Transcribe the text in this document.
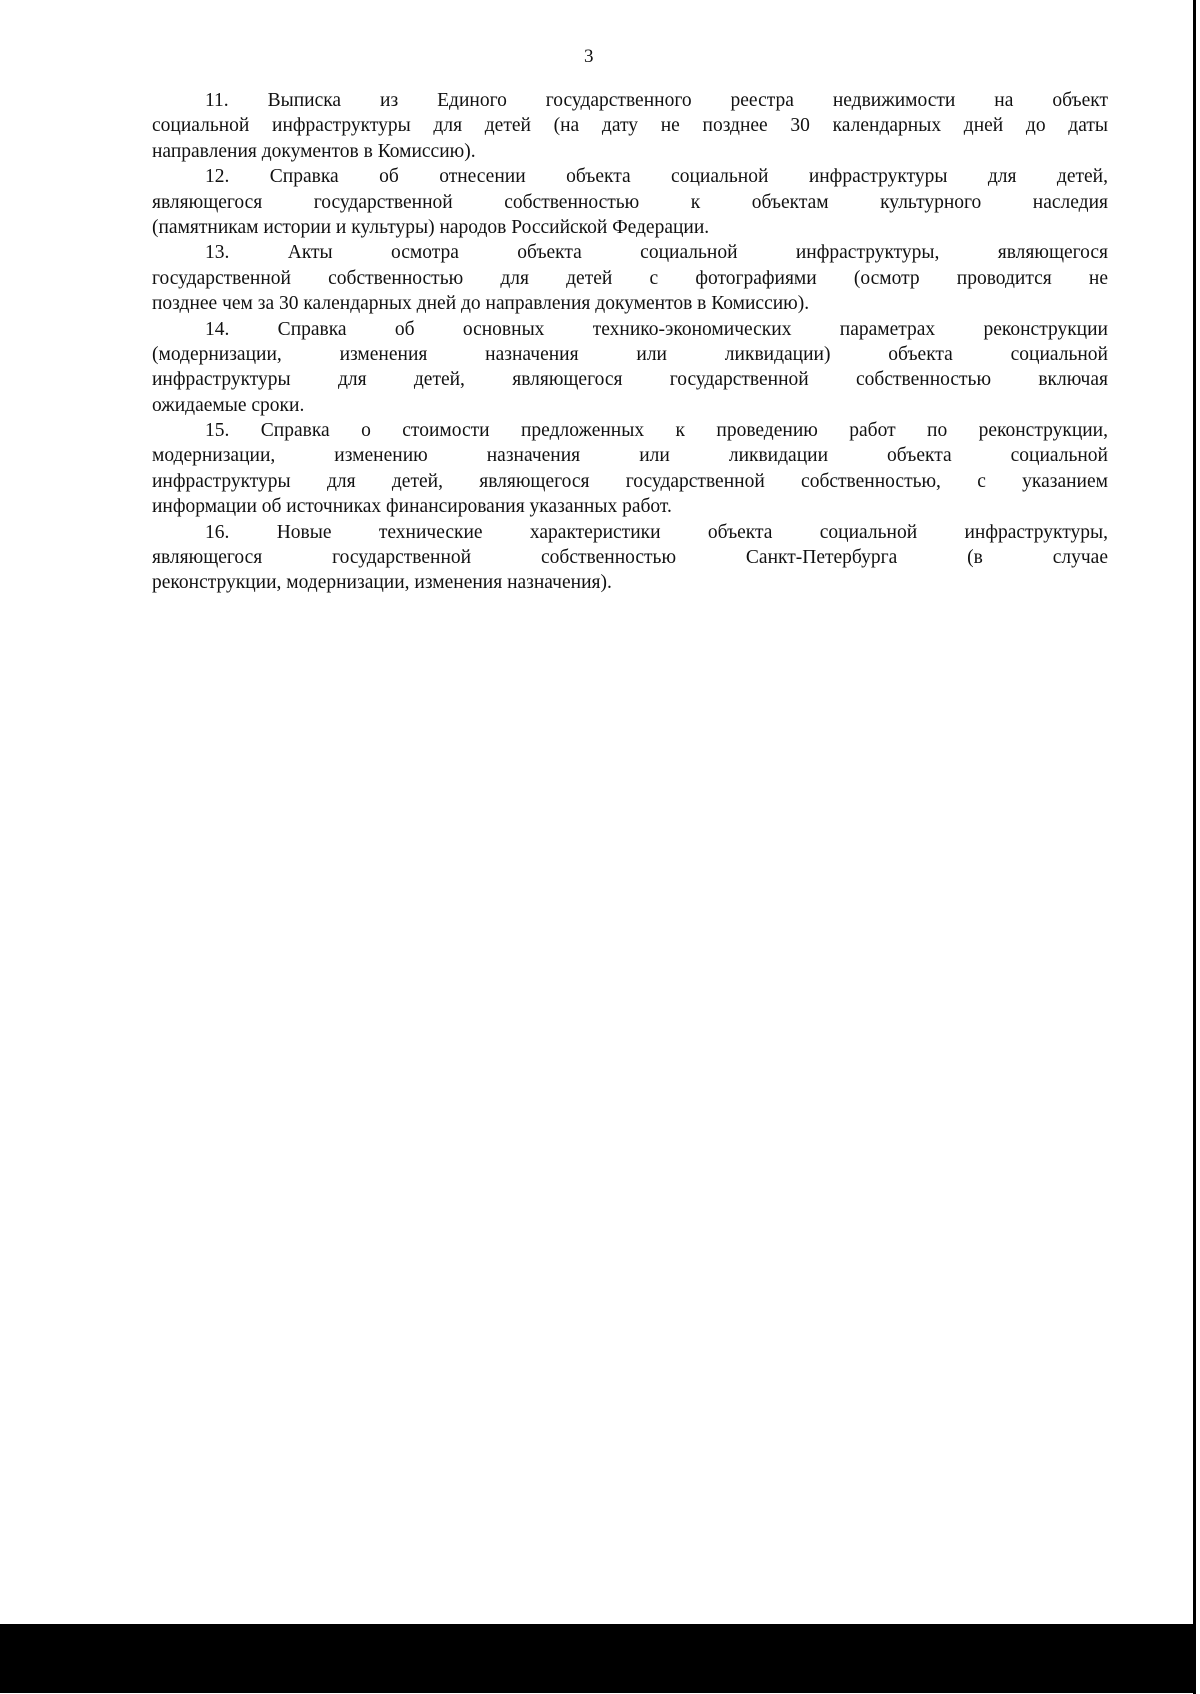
3
11. Выписка из Единого государственного реестра недвижимости на объект
социальной инфраструктуры для детей (на дату не позднее 30 календарных дней до даты
направления документов в Комиссию).
12. Справка об отнесении объекта социальной инфраструктуры для детей,
являющегося государственной собственностью к объектам культурного наследия
(памятникам истории и культуры) народов Российской Федерации.
13. Акты осмотра объекта социальной инфраструктуры, являющегося
государственной собственностью для детей с фотографиями (осмотр проводится не
позднее чем за 30 календарных дней до направления документов в Комиссию).
14. Справка об основных технико-экономических параметрах реконструкции
(модернизации, изменения назначения или ликвидации) объекта социальной
инфраструктуры для детей, являющегося государственной собственностью включая
ожидаемые сроки.
15. Справка о стоимости предложенных к проведению работ по реконструкции,
модернизации, изменению назначения или ликвидации объекта социальной
инфраструктуры для детей, являющегося государственной собственностью, с указанием
информации об источниках финансирования указанных работ.
16. Новые технические характеристики объекта социальной инфраструктуры,
являющегося государственной собственностью Санкт-Петербурга (в случае
реконструкции, модернизации, изменения назначения).
